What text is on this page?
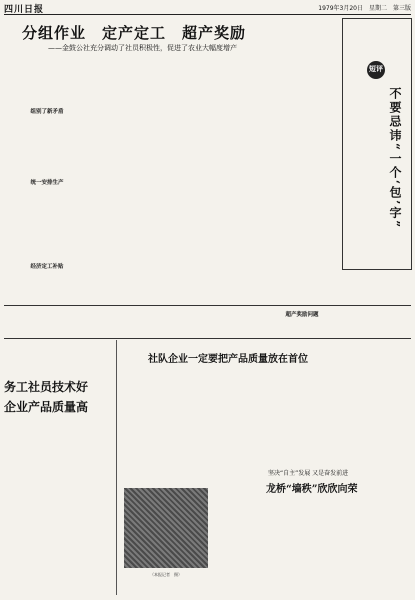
四川日报	1979年3月20日　星期二　第三版
分组作业　定产定工　超产奖励
——金鼓公社充分调动了社员积极性，促进了农业大幅度增产
组别了新矛盾
统一安排生产
经济定工补贴
超产奖励问题
短评
不要忌讳“一个‘包’字”
社队企业一定要把产品质量放在首位
务工社员技术好
企业产品质量高
（本报记者　摄）
坚决“自主”发展 又是奋发前进
龙桥“墙秩”欣欣向荣
